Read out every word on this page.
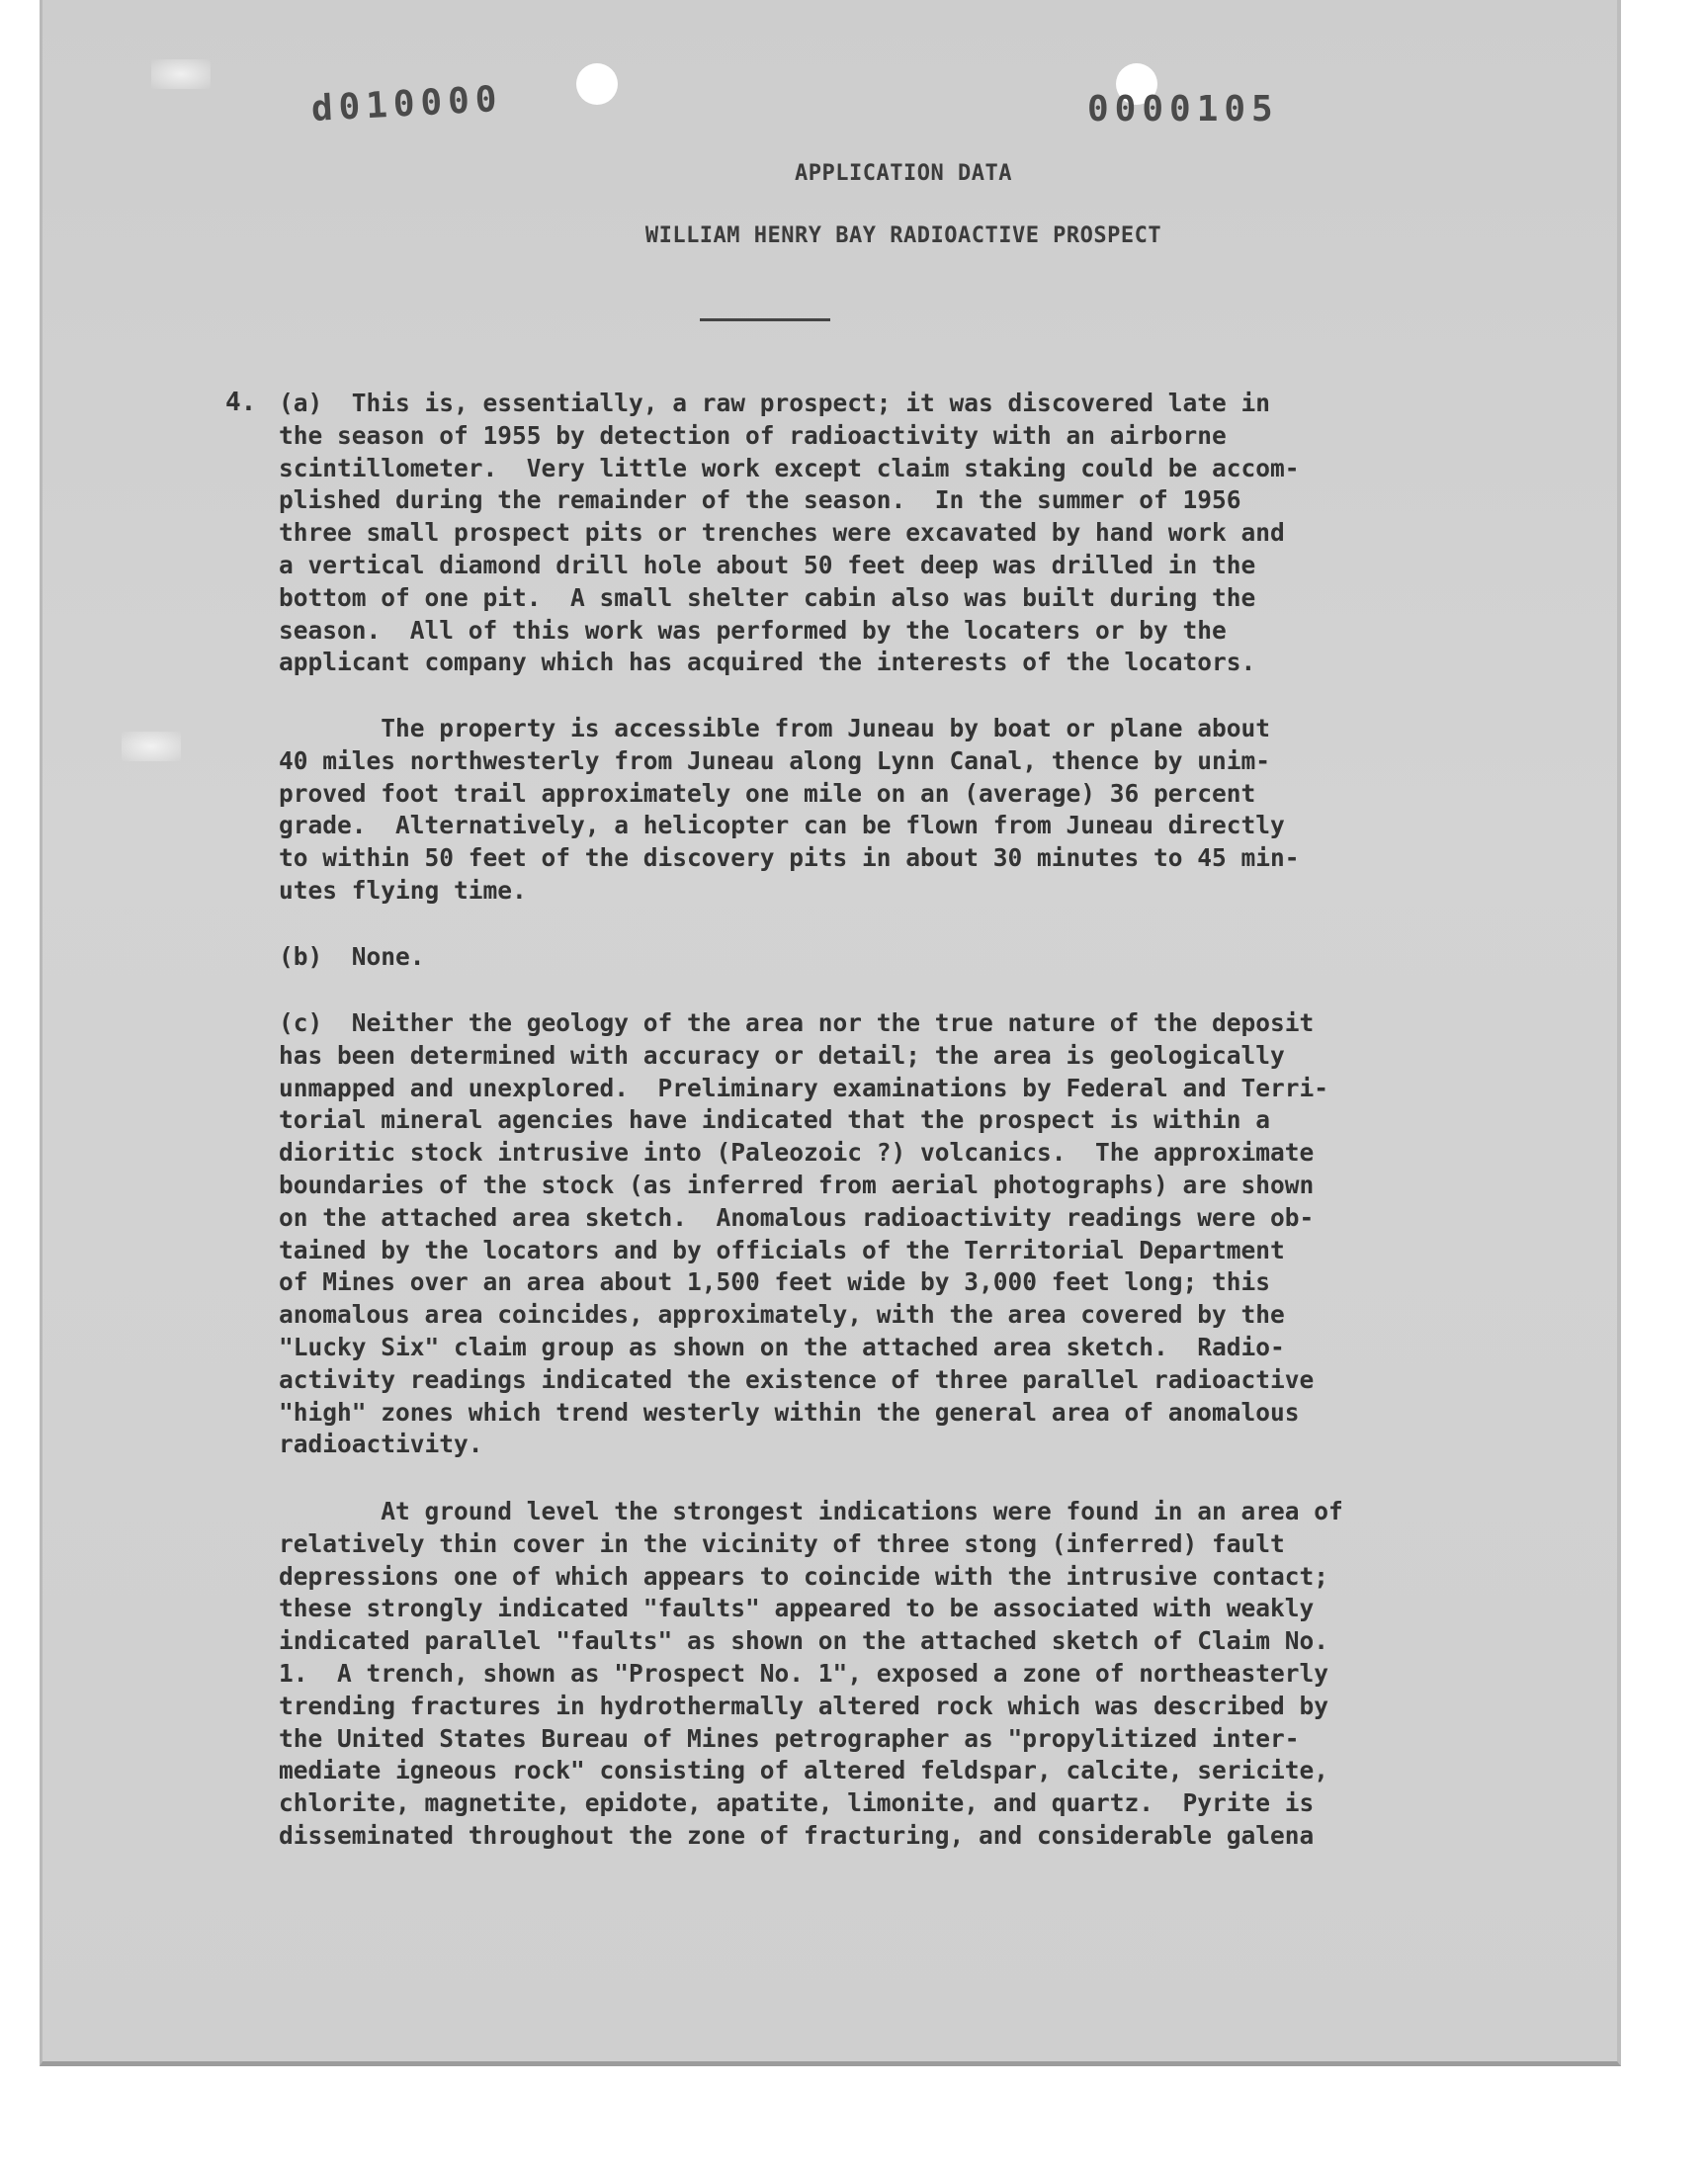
d010000	0000105
APPLICATION DATA
WILLIAM HENRY BAY RADIOACTIVE PROSPECT
4. (a)  This is, essentially, a raw prospect; it was discovered late in
the season of 1955 by detection of radioactivity with an airborne
scintillometer.  Very little work except claim staking could be accom-
plished during the remainder of the season.  In the summer of 1956
three small prospect pits or trenches were excavated by hand work and
a vertical diamond drill hole about 50 feet deep was drilled in the
bottom of one pit.  A small shelter cabin also was built during the
season.  All of this work was performed by the locaters or by the
applicant company which has acquired the interests of the locators.
The property is accessible from Juneau by boat or plane about
40 miles northwesterly from Juneau along Lynn Canal, thence by unim-
proved foot trail approximately one mile on an (average) 36 percent
grade.  Alternatively, a helicopter can be flown from Juneau directly
to within 50 feet of the discovery pits in about 30 minutes to 45 min-
utes flying time.
(b)  None.
(c)  Neither the geology of the area nor the true nature of the deposit
has been determined with accuracy or detail; the area is geologically
unmapped and unexplored.  Preliminary examinations by Federal and Terri-
torial mineral agencies have indicated that the prospect is within a
dioritic stock intrusive into (Paleozoic ?) volcanics.  The approximate
boundaries of the stock (as inferred from aerial photographs) are shown
on the attached area sketch.  Anomalous radioactivity readings were ob-
tained by the locators and by officials of the Territorial Department
of Mines over an area about 1,500 feet wide by 3,000 feet long; this
anomalous area coincides, approximately, with the area covered by the
"Lucky Six" claim group as shown on the attached area sketch.  Radio-
activity readings indicated the existence of three parallel radioactive
"high" zones which trend westerly within the general area of anomalous
radioactivity.
At ground level the strongest indications were found in an area of
relatively thin cover in the vicinity of three stong (inferred) fault
depressions one of which appears to coincide with the intrusive contact;
these strongly indicated "faults" appeared to be associated with weakly
indicated parallel "faults" as shown on the attached sketch of Claim No.
1.  A trench, shown as "Prospect No. 1", exposed a zone of northeasterly
trending fractures in hydrothermally altered rock which was described by
the United States Bureau of Mines petrographer as "propylitized inter-
mediate igneous rock" consisting of altered feldspar, calcite, sericite,
chlorite, magnetite, epidote, apatite, limonite, and quartz.  Pyrite is
disseminated throughout the zone of fracturing, and considerable galena
